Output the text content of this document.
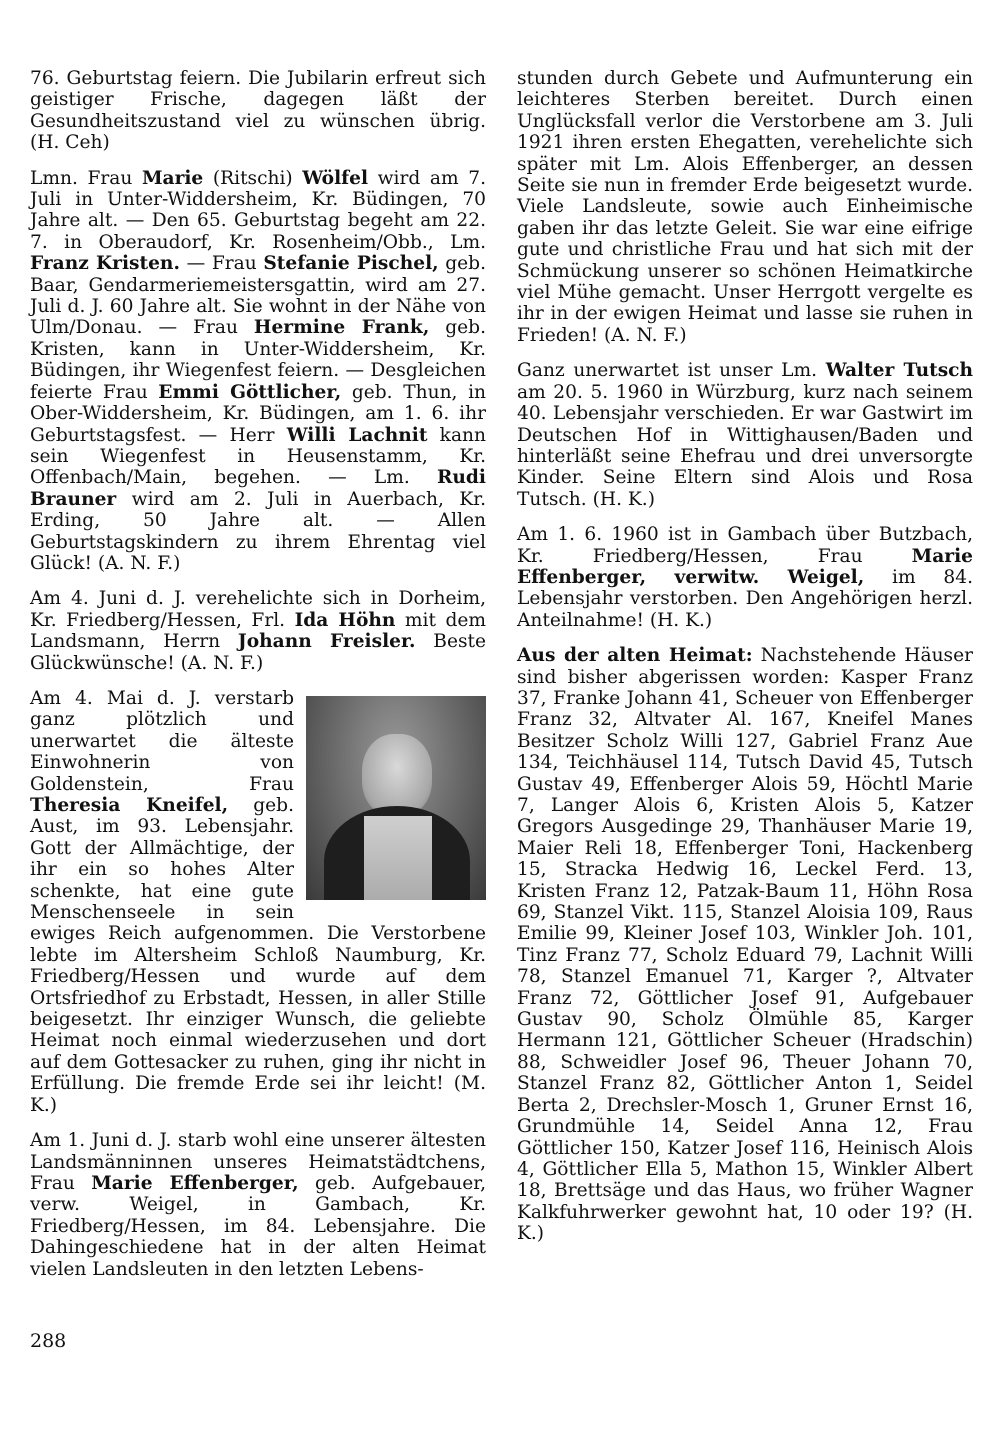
76. Geburtstag feiern. Die Jubilarin erfreut sich geistiger Frische, dagegen läßt der Gesundheitszustand viel zu wünschen übrig. (H. Ceh)

Lmn. Frau Marie (Ritschi) Wölfel wird am 7. Juli in Unter-Widdersheim, Kr. Büdingen, 70 Jahre alt. — Den 65. Geburtstag begeht am 22. 7. in Oberaudorf, Kr. Rosenheim/Obb., Lm. Franz Kristen. — Frau Stefanie Pischel, geb. Baar, Gendarmeriemeistersgattin, wird am 27. Juli d. J. 60 Jahre alt. Sie wohnt in der Nähe von Ulm/Donau. — Frau Hermine Frank, geb. Kristen, kann in Unter-Widdersheim, Kr. Büdingen, ihr Wiegenfest feiern. — Desgleichen feierte Frau Emmi Göttlicher, geb. Thun, in Ober-Widdersheim, Kr. Büdingen, am 1. 6. ihr Geburtstagsfest. — Herr Willi Lachnit kann sein Wiegenfest in Heusenstamm, Kr. Offenbach/Main, begehen. — Lm. Rudi Brauner wird am 2. Juli in Auerbach, Kr. Erding, 50 Jahre alt. — Allen Geburtstagskindern zu ihrem Ehrentag viel Glück! (A. N. F.)

Am 4. Juni d. J. verehelichte sich in Dorheim, Kr. Friedberg/Hessen, Frl. Ida Höhn mit dem Landsmann, Herrn Johann Freisler. Beste Glückwünsche! (A. N. F.)

Am 4. Mai d. J. verstarb ganz plötzlich und unerwartet die älteste Einwohnerin von Goldenstein, Frau Theresia Kneifel, geb. Aust, im 93. Lebensjahr. Gott der Allmächtige, der ihr ein so hohes Alter schenkte, hat eine gute Menschenseele in sein ewiges Reich aufgenommen. Die Verstorbene lebte im Altersheim Schloß Naumburg, Kr. Friedberg/Hessen und wurde auf dem Ortsfriedhof zu Erbstadt, Hessen, in aller Stille beigesetzt. Ihr einziger Wunsch, die geliebte Heimat noch einmal wiederzusehen und dort auf dem Gottesacker zu ruhen, ging ihr nicht in Erfüllung. Die fremde Erde sei ihr leicht! (M. K.)

Am 1. Juni d. J. starb wohl eine unserer ältesten Landsmänninnen unseres Heimatstädtchens, Frau Marie Effenberger, geb. Aufgebauer, verw. Weigel, in Gambach, Kr. Friedberg/Hessen, im 84. Lebensjahre. Die Dahingeschiedene hat in der alten Heimat vielen Landsleuten in den letzten Lebens-

stunden durch Gebete und Aufmunterung ein leichteres Sterben bereitet. Durch einen Unglücksfall verlor die Verstorbene am 3. Juli 1921 ihren ersten Ehegatten, verehelichte sich später mit Lm. Alois Effenberger, an dessen Seite sie nun in fremder Erde beigesetzt wurde. Viele Landsleute, sowie auch Einheimische gaben ihr das letzte Geleit. Sie war eine eifrige gute und christliche Frau und hat sich mit der Schmückung unserer so schönen Heimatkirche viel Mühe gemacht. Unser Herrgott vergelte es ihr in der ewigen Heimat und lasse sie ruhen in Frieden! (A. N. F.)

Ganz unerwartet ist unser Lm. Walter Tutsch am 20. 5. 1960 in Würzburg, kurz nach seinem 40. Lebensjahr verschieden. Er war Gastwirt im Deutschen Hof in Wittighausen/Baden und hinterläßt seine Ehefrau und drei unversorgte Kinder. Seine Eltern sind Alois und Rosa Tutsch. (H. K.)

Am 1. 6. 1960 ist in Gambach über Butzbach, Kr. Friedberg/Hessen, Frau Marie Effenberger, verwitw. Weigel, im 84. Lebensjahr verstorben. Den Angehörigen herzl. Anteilnahme! (H. K.)

Aus der alten Heimat: Nachstehende Häuser sind bisher abgerissen worden: Kasper Franz 37, Franke Johann 41, Scheuer von Effenberger Franz 32, Altvater Al. 167, Kneifel Manes Besitzer Scholz Willi 127, Gabriel Franz Aue 134, Teichhäusel 114, Tutsch David 45, Tutsch Gustav 49, Effenberger Alois 59, Höchtl Marie 7, Langer Alois 6, Kristen Alois 5, Katzer Gregors Ausgedinge 29, Thanhäuser Marie 19, Maier Reli 18, Effenberger Toni, Hackenberg 15, Stracka Hedwig 16, Leckel Ferd. 13, Kristen Franz 12, Patzak-Baum 11, Höhn Rosa 69, Stanzel Vikt. 115, Stanzel Aloisia 109, Raus Emilie 99, Kleiner Josef 103, Winkler Joh. 101, Tinz Franz 77, Scholz Eduard 79, Lachnit Willi 78, Stanzel Emanuel 71, Karger ?, Altvater Franz 72, Göttlicher Josef 91, Aufgebauer Gustav 90, Scholz Ölmühle 85, Karger Hermann 121, Göttlicher Scheuer (Hradschin) 88, Schweidler Josef 96, Theuer Johann 70, Stanzel Franz 82, Göttlicher Anton 1, Seidel Berta 2, Drechsler-Mosch 1, Gruner Ernst 16, Grundmühle 14, Seidel Anna 12, Frau Göttlicher 150, Katzer Josef 116, Heinisch Alois 4, Göttlicher Ella 5, Mathon 15, Winkler Albert 18, Brettsäge und das Haus, wo früher Wagner Kalkfuhrwerker gewohnt hat, 10 oder 19? (H. K.)

288
